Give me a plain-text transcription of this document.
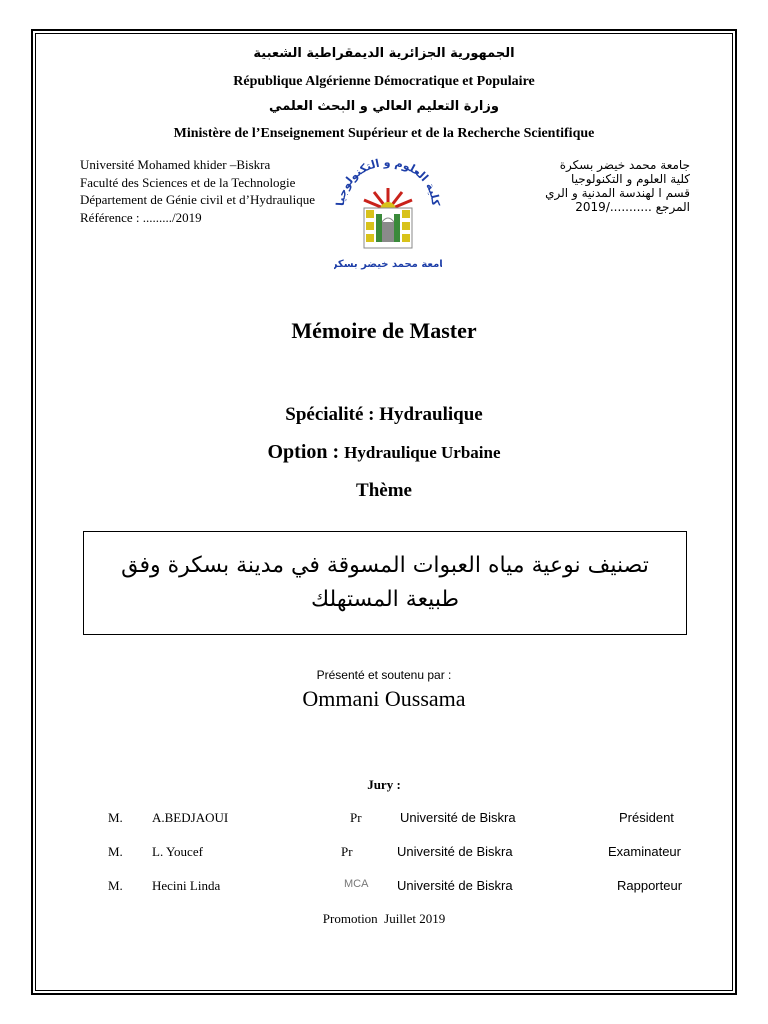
الجمهورية الجزائرية الديمقراطية الشعبية
République Algérienne Démocratique et Populaire
وزارة التعليم العالي و البحث العلمي
Ministère de l’Enseignement Supérieur et de la Recherche Scientifique
Université Mohamed khider –Biskra
Faculté des Sciences et de la Technologie
Département de Génie civil et d’Hydraulique
Référence : ........./2019
جامعة محمد خيضر بسكرة
كلية العلوم و التكنولوجيا
قسم ا لهندسة المدنية و الري
المرجع .........../2019
كلية العلوم و التكنولوجيا
امعة محمد خيضر بسكر
Mémoire de Master
Spécialité : Hydraulique
Option : Hydraulique Urbaine
Thème
تصنيف نوعية مياه العبوات المسوقة في مدينة بسكرة وفق طبيعة المستهلك
Présenté et soutenu par :
Ommani Oussama
Jury :
M. A.BEDJAOUI	Pr	Université de Biskra	Président
M. L. Youcef	Pr	Université de Biskra	Examinateur
M. Hecini Linda	MCA Université de Biskra	Rapporteur
Promotion  Juillet 2019
